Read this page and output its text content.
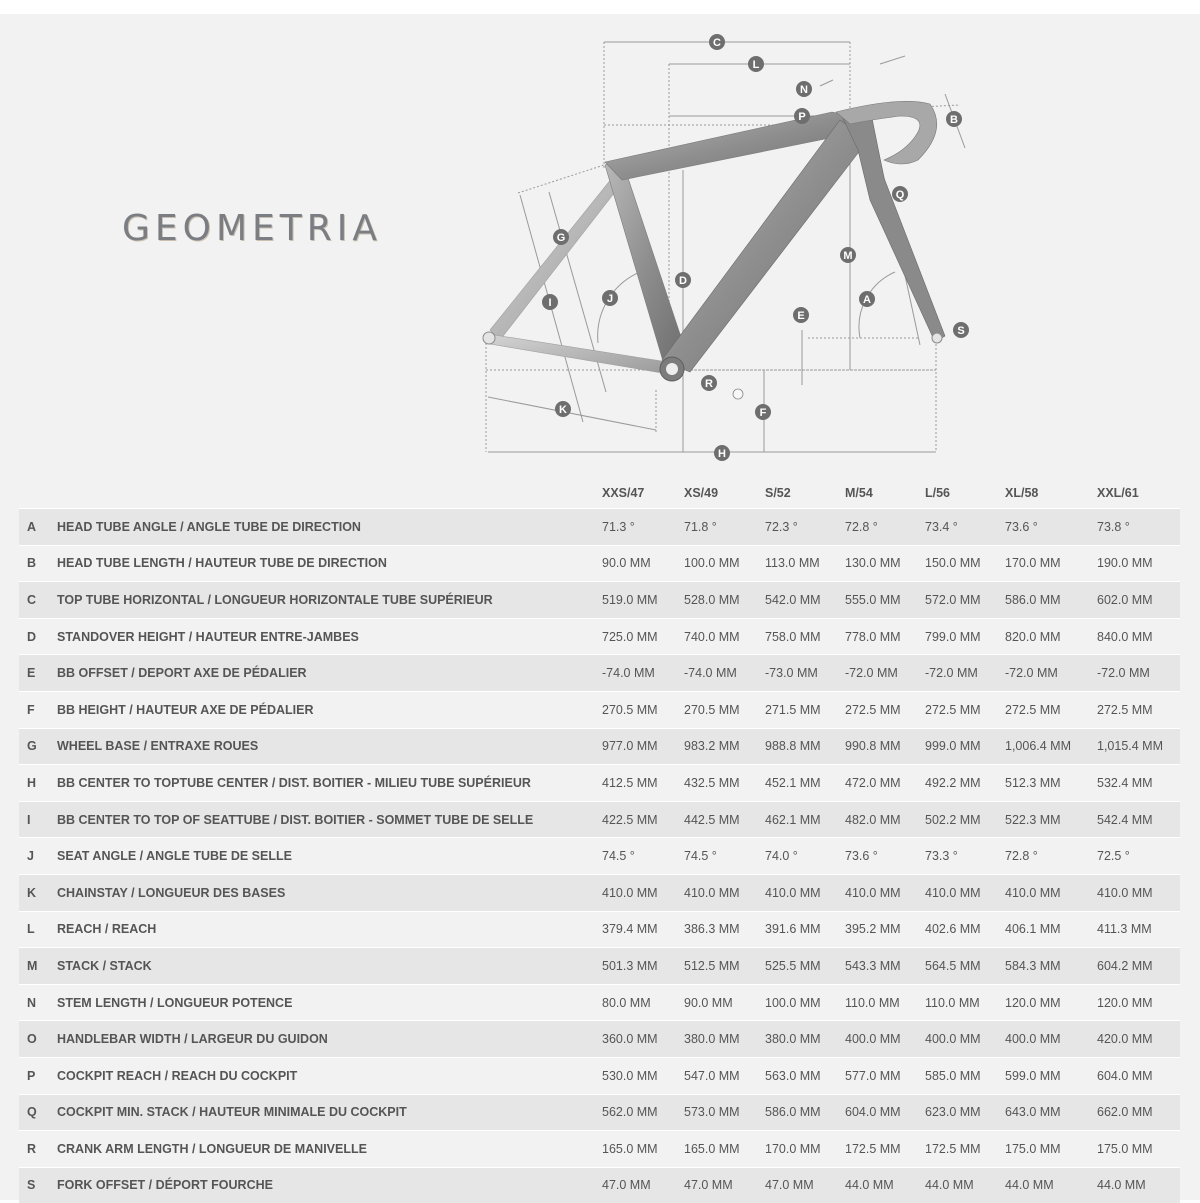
GEOMETRIA
C
L
N
P	B
Q
G
M
D
J	A
I
E
S
R
K	F
H
		XXS/47	XS/49	S/52	M/54	L/56	XL/58	XXL/61
A	HEAD TUBE ANGLE / ANGLE TUBE DE DIRECTION	71.3 °	71.8 °	72.3 °	72.8 °	73.4 °	73.6 °	73.8 °
B	HEAD TUBE LENGTH / HAUTEUR TUBE DE DIRECTION	90.0 MM	100.0 MM	113.0 MM	130.0 MM	150.0 MM	170.0 MM	190.0 MM
C	TOP TUBE HORIZONTAL / LONGUEUR HORIZONTALE TUBE SUPÉRIEUR	519.0 MM	528.0 MM	542.0 MM	555.0 MM	572.0 MM	586.0 MM	602.0 MM
D	STANDOVER HEIGHT / HAUTEUR ENTRE-JAMBES	725.0 MM	740.0 MM	758.0 MM	778.0 MM	799.0 MM	820.0 MM	840.0 MM
E	BB OFFSET / DEPORT AXE DE PÉDALIER	-74.0 MM	-74.0 MM	-73.0 MM	-72.0 MM	-72.0 MM	-72.0 MM	-72.0 MM
F	BB HEIGHT / HAUTEUR AXE DE PÉDALIER	270.5 MM	270.5 MM	271.5 MM	272.5 MM	272.5 MM	272.5 MM	272.5 MM
G	WHEEL BASE / ENTRAXE ROUES	977.0 MM	983.2 MM	988.8 MM	990.8 MM	999.0 MM	1,006.4 MM	1,015.4 MM
H	BB CENTER TO TOPTUBE CENTER / DIST. BOITIER - MILIEU TUBE SUPÉRIEUR	412.5 MM	432.5 MM	452.1 MM	472.0 MM	492.2 MM	512.3 MM	532.4 MM
I	BB CENTER TO TOP OF SEATTUBE / DIST. BOITIER - SOMMET TUBE DE SELLE	422.5 MM	442.5 MM	462.1 MM	482.0 MM	502.2 MM	522.3 MM	542.4 MM
J	SEAT ANGLE / ANGLE TUBE DE SELLE	74.5 °	74.5 °	74.0 °	73.6 °	73.3 °	72.8 °	72.5 °
K	CHAINSTAY / LONGUEUR DES BASES	410.0 MM	410.0 MM	410.0 MM	410.0 MM	410.0 MM	410.0 MM	410.0 MM
L	REACH / REACH	379.4 MM	386.3 MM	391.6 MM	395.2 MM	402.6 MM	406.1 MM	411.3 MM
M	STACK / STACK	501.3 MM	512.5 MM	525.5 MM	543.3 MM	564.5 MM	584.3 MM	604.2 MM
N	STEM LENGTH / LONGUEUR POTENCE	80.0 MM	90.0 MM	100.0 MM	110.0 MM	110.0 MM	120.0 MM	120.0 MM
O	HANDLEBAR WIDTH / LARGEUR DU GUIDON	360.0 MM	380.0 MM	380.0 MM	400.0 MM	400.0 MM	400.0 MM	420.0 MM
P	COCKPIT REACH / REACH DU COCKPIT	530.0 MM	547.0 MM	563.0 MM	577.0 MM	585.0 MM	599.0 MM	604.0 MM
Q	COCKPIT MIN. STACK / HAUTEUR MINIMALE DU COCKPIT	562.0 MM	573.0 MM	586.0 MM	604.0 MM	623.0 MM	643.0 MM	662.0 MM
R	CRANK ARM LENGTH / LONGUEUR DE MANIVELLE	165.0 MM	165.0 MM	170.0 MM	172.5 MM	172.5 MM	175.0 MM	175.0 MM
S	FORK OFFSET / DÉPORT FOURCHE	47.0 MM	47.0 MM	47.0 MM	44.0 MM	44.0 MM	44.0 MM	44.0 MM
